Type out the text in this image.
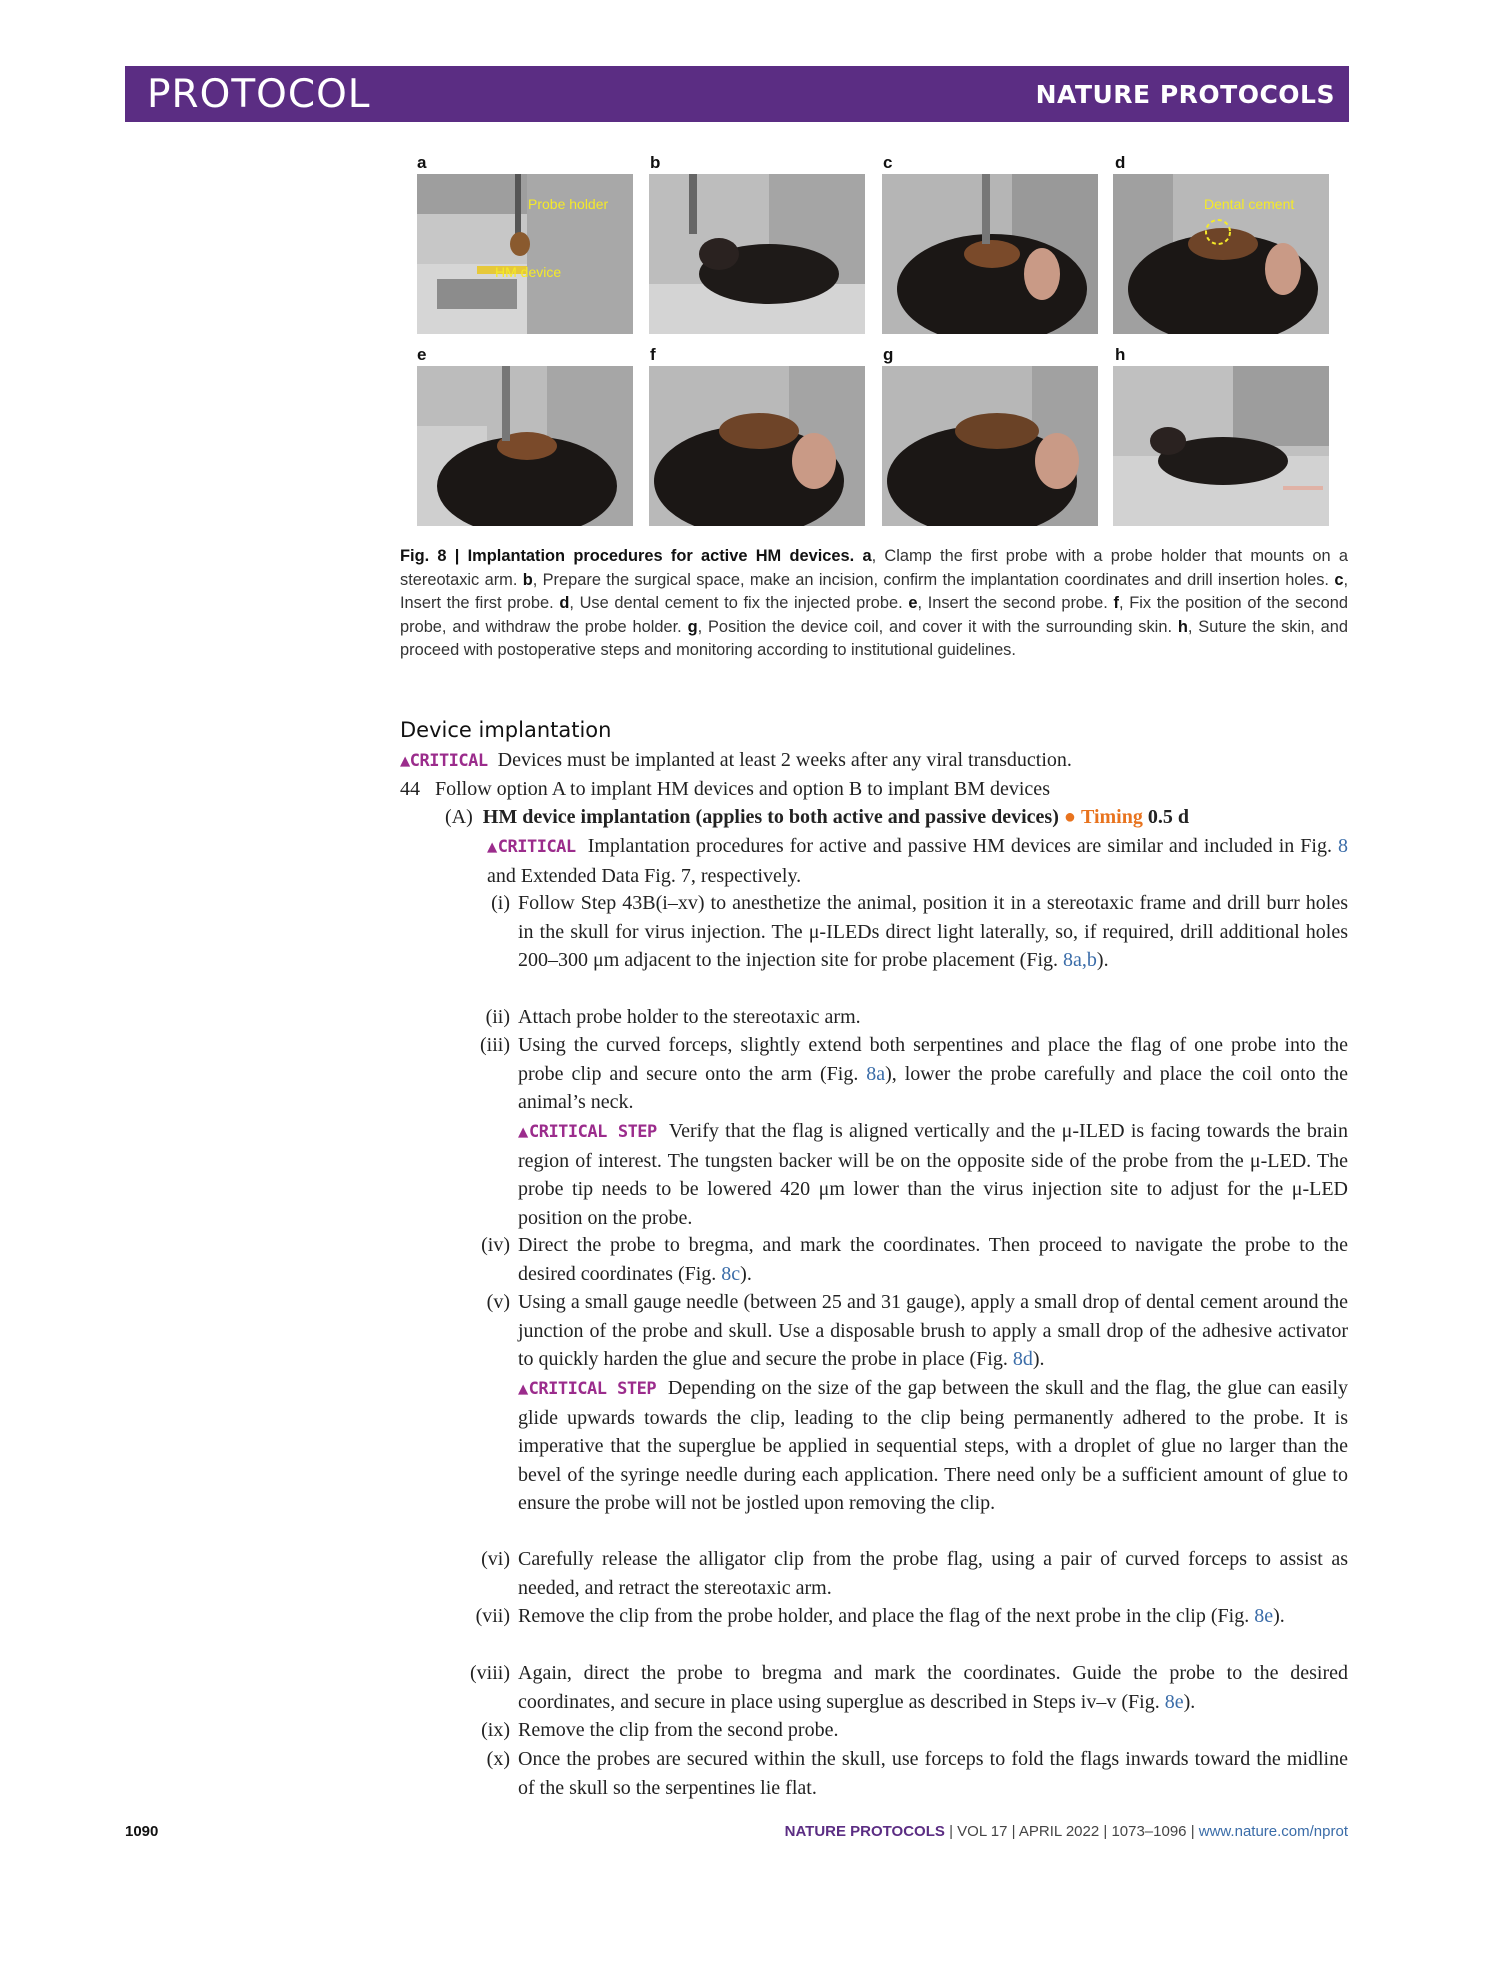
PROTOCOL	NATURE PROTOCOLS
a
Probe holder
HM device
b	c	d
Dental cement
e	f	g	h
Fig. 8 | Implantation procedures for active HM devices. a, Clamp the first probe with a probe holder that mounts on a stereotaxic arm. b, Prepare the surgical space, make an incision, confirm the implantation coordinates and drill insertion holes. c, Insert the first probe. d, Use dental cement to fix the injected probe. e, Insert the second probe. f, Fix the position of the second probe, and withdraw the probe holder. g, Position the device coil, and cover it with the surrounding skin. h, Suture the skin, and proceed with postoperative steps and monitoring according to institutional guidelines.
Device implantation
▲CRITICAL Devices must be implanted at least 2 weeks after any viral transduction.
44 Follow option A to implant HM devices and option B to implant BM devices
(A) HM device implantation (applies to both active and passive devices) ● Timing 0.5 d
▲CRITICAL Implantation procedures for active and passive HM devices are similar and included in Fig. 8 and Extended Data Fig. 7, respectively.
(i) Follow Step 43B(i–xv) to anesthetize the animal, position it in a stereotaxic frame and drill burr holes in the skull for virus injection. The μ-ILEDs direct light laterally, so, if required, drill additional holes 200–300 μm adjacent to the injection site for probe placement (Fig. 8a,b).
(ii) Attach probe holder to the stereotaxic arm.
(iii) Using the curved forceps, slightly extend both serpentines and place the flag of one probe into the probe clip and secure onto the arm (Fig. 8a), lower the probe carefully and place the coil onto the animal’s neck.
▲CRITICAL STEP Verify that the flag is aligned vertically and the μ-ILED is facing towards the brain region of interest. The tungsten backer will be on the opposite side of the probe from the μ-LED. The probe tip needs to be lowered 420 μm lower than the virus injection site to adjust for the μ-LED position on the probe.
(iv) Direct the probe to bregma, and mark the coordinates. Then proceed to navigate the probe to the desired coordinates (Fig. 8c).
(v) Using a small gauge needle (between 25 and 31 gauge), apply a small drop of dental cement around the junction of the probe and skull. Use a disposable brush to apply a small drop of the adhesive activator to quickly harden the glue and secure the probe in place (Fig. 8d).
▲CRITICAL STEP Depending on the size of the gap between the skull and the flag, the glue can easily glide upwards towards the clip, leading to the clip being permanently adhered to the probe. It is imperative that the superglue be applied in sequential steps, with a droplet of glue no larger than the bevel of the syringe needle during each application. There need only be a sufficient amount of glue to ensure the probe will not be jostled upon removing the clip.
(vi) Carefully release the alligator clip from the probe flag, using a pair of curved forceps to assist as needed, and retract the stereotaxic arm.
(vii) Remove the clip from the probe holder, and place the flag of the next probe in the clip (Fig. 8e).
(viii) Again, direct the probe to bregma and mark the coordinates. Guide the probe to the desired coordinates, and secure in place using superglue as described in Steps iv–v (Fig. 8e).
(ix) Remove the clip from the second probe.
(x) Once the probes are secured within the skull, use forceps to fold the flags inwards toward the midline of the skull so the serpentines lie flat.
1090	NATURE PROTOCOLS | VOL 17 | APRIL 2022 | 1073–1096 | www.nature.com/nprot
